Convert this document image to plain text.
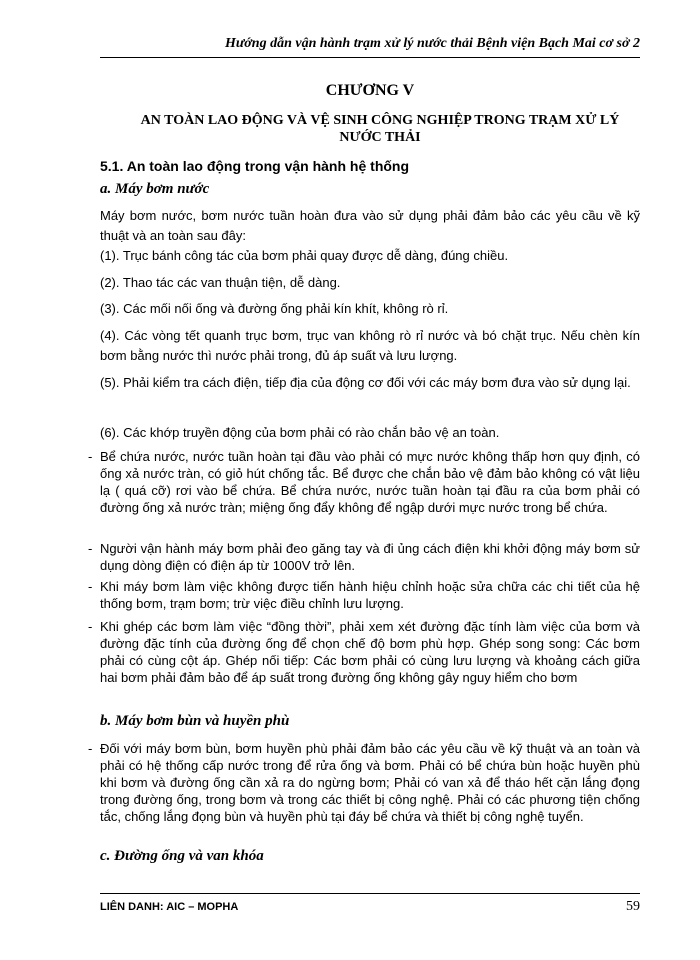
Hướng dẫn vận hành trạm xử lý nước thải Bệnh viện Bạch Mai cơ sở 2
CHƯƠNG V
AN TOÀN LAO ĐỘNG VÀ VỆ SINH CÔNG NGHIỆP TRONG TRẠM XỬ LÝ NƯỚC THẢI
5.1. An toàn lao động trong vận hành hệ thống
a. Máy bơm nước

Máy bơm nước, bơm nước tuần hoàn đưa vào sử dụng phải đảm bảo các yêu cầu về kỹ thuật và an toàn sau đây:

(1). Trục bánh công tác của bơm phải quay được dễ dàng, đúng chiều.

(2). Thao tác các van thuận tiện, dễ dàng.

(3). Các mối nối ống và đường ống phải kín khít, không rò rỉ.

(4). Các vòng tết quanh trục bơm, trục van không rò rỉ nước và bó chặt trục. Nếu chèn kín bơm bằng nước thì nước phải trong, đủ áp suất và lưu lượng.

(5). Phải kiểm tra cách điện, tiếp địa của động cơ đối với các máy bơm đưa vào sử dụng lại.

(6). Các khớp truyền động của bơm phải có rào chắn bảo vệ an toàn.

- Bể chứa nước, nước tuần hoàn tại đầu vào phải có mực nước không thấp hơn quy định, có ống xả nước tràn, có giỏ hút chống tắc. Bể được che chắn bảo vệ đảm bảo không có vật liệu lạ ( quá cỡ) rơi vào bể chứa. Bể chứa nước, nước tuần hoàn tại đầu ra của bơm phải có đường ống xả nước tràn; miệng ống đẩy không để ngập dưới mực nước trong bể chứa.
- Người vận hành máy bơm phải đeo găng tay và đi ủng cách điện khi khởi động máy bơm sử dụng dòng điện có điện áp từ 1000V trở lên.
- Khi máy bơm làm việc không được tiến hành hiệu chỉnh hoặc sửa chữa các chi tiết của hệ thống bơm, trạm bơm; trừ việc điều chỉnh lưu lượng.
- Khi ghép các bơm làm việc “đồng thời”, phải xem xét đường đặc tính làm việc của bơm và đường đặc tính của đường ống để chọn chế độ bơm phù hợp. Ghép song song: Các bơm phải có cùng cột áp. Ghép nối tiếp: Các bơm phải có cùng lưu lượng và khoảng cách giữa hai bơm phải đảm bảo để áp suất trong đường ống không gây nguy hiểm cho bơm
b. Máy bơm bùn và huyền phù
- Đối với máy bơm bùn, bơm huyền phù phải đảm bảo các yêu cầu về kỹ thuật và an toàn và phải có hệ thống cấp nước trong để rửa ống và bơm. Phải có bể chứa bùn hoặc huyền phù khi bơm và đường ống cần xả ra do ngừng bơm; Phải có van xả để tháo hết cặn lắng đọng trong đường ống, trong bơm và trong các thiết bị công nghệ. Phải có các phương tiện chống tắc, chống lắng đọng bùn và huyền phù tại đáy bể chứa và thiết bị công nghệ tuyển.
c. Đường ống và van khóa
LIÊN DANH: AIC – MOPHA	59
